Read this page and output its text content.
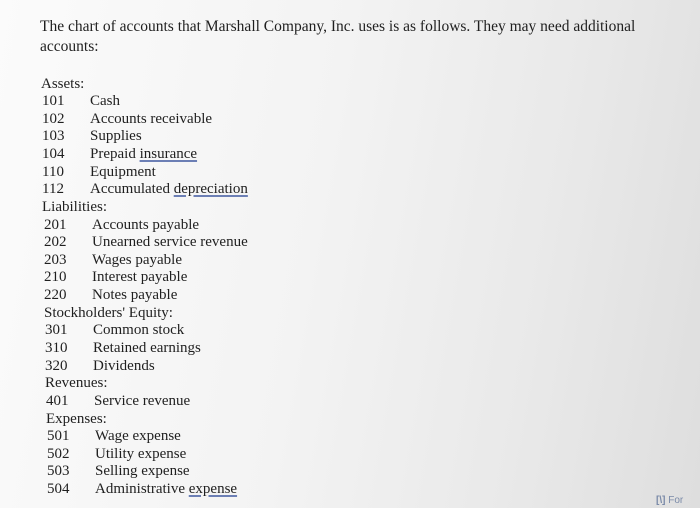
The chart of accounts that Marshall Company, Inc. uses is as follows. They may need additional accounts:

Assets:
101 Cash
102 Accounts receivable
103 Supplies
104 Prepaid insurance
110 Equipment
112 Accumulated depreciation
Liabilities:
201 Accounts payable
202 Unearned service revenue
203 Wages payable
210 Interest payable
220 Notes payable
Stockholders' Equity:
301 Common stock
310 Retained earnings
320 Dividends
Revenues:
401 Service revenue
Expenses:
501 Wage expense
502 Utility expense
503 Selling expense
504 Administrative expense
[\] For
